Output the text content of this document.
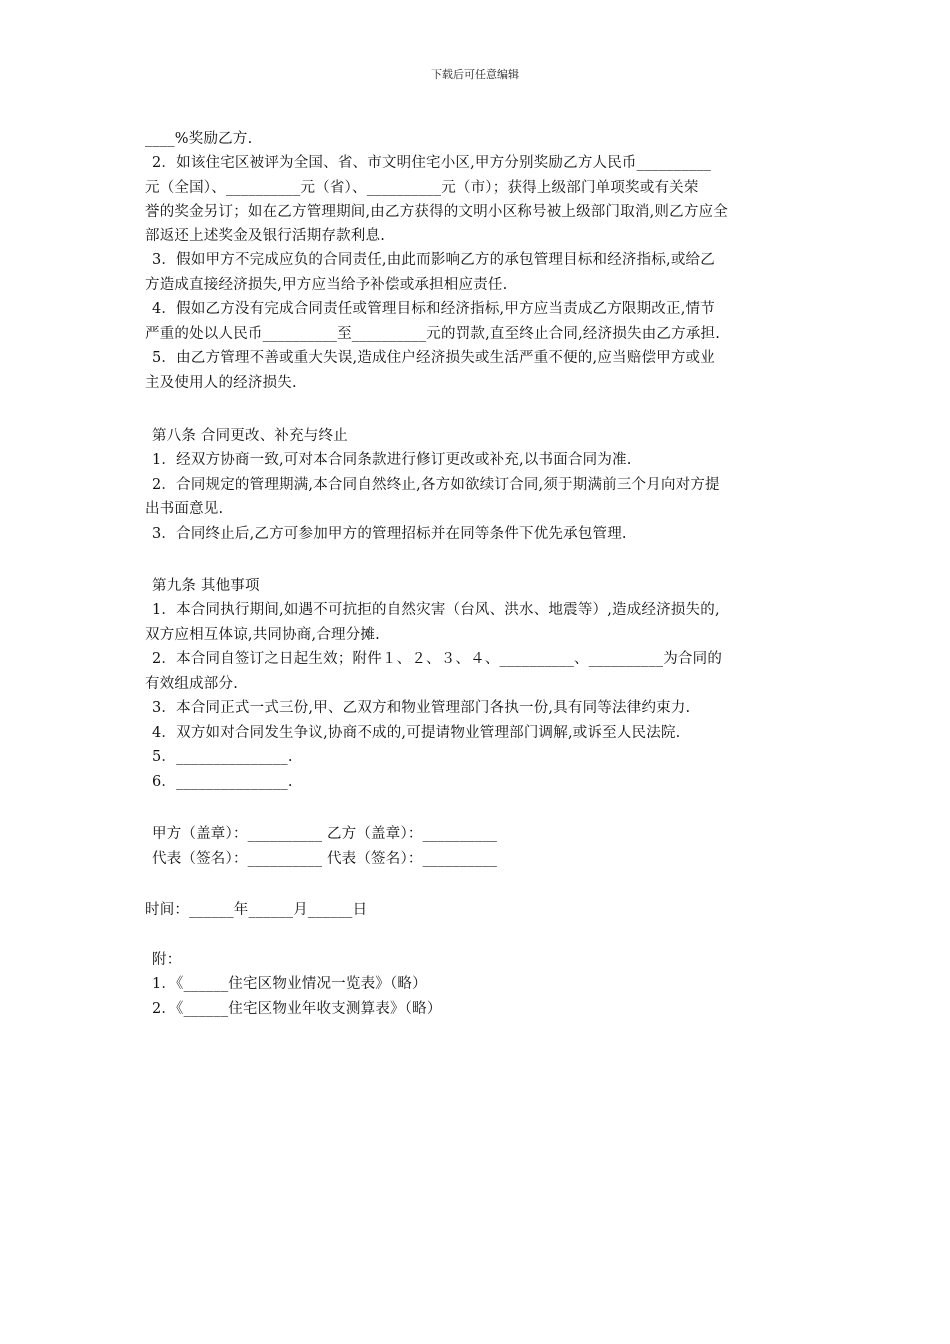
下载后可任意编辑
____%奖励乙方.
2．如该住宅区被评为全国、省、市文明住宅小区,甲方分别奖励乙方人民币__________
元（全国）、__________元（省）、__________元（市）；获得上级部门单项奖或有关荣
誉的奖金另订；如在乙方管理期间,由乙方获得的文明小区称号被上级部门取消,则乙方应全
部返还上述奖金及银行活期存款利息.
3．假如甲方不完成应负的合同责任,由此而影响乙方的承包管理目标和经济指标,或给乙
方造成直接经济损失,甲方应当给予补偿或承担相应责任.
4．假如乙方没有完成合同责任或管理目标和经济指标,甲方应当责成乙方限期改正,情节
严重的处以人民币__________至__________元的罚款,直至终止合同,经济损失由乙方承担.
5．由乙方管理不善或重大失误,造成住户经济损失或生活严重不便的,应当赔偿甲方或业
主及使用人的经济损失.
第八条 合同更改、补充与终止
1．经双方协商一致,可对本合同条款进行修订更改或补充,以书面合同为准.
2．合同规定的管理期满,本合同自然终止,各方如欲续订合同,须于期满前三个月向对方提
出书面意见.
3．合同终止后,乙方可参加甲方的管理招标并在同等条件下优先承包管理.
第九条 其他事项
1．本合同执行期间,如遇不可抗拒的自然灾害（台风、洪水、地震等）,造成经济损失的,
双方应相互体谅,共同协商,合理分摊.
2．本合同自签订之日起生效；附件１、２、３、４、__________、__________为合同的
有效组成部分.
3．本合同正式一式三份,甲、乙双方和物业管理部门各执一份,具有同等法律约束力.
4．双方如对合同发生争议,协商不成的,可提请物业管理部门调解,或诉至人民法院.
5．_______________.
6．_______________.
甲方（盖章）：__________ 乙方（盖章）：__________
代表（签名）：__________ 代表（签名）：__________
时间：______年______月______日
附：
1．《______住宅区物业情况一览表》（略）
2．《______住宅区物业年收支测算表》（略）
